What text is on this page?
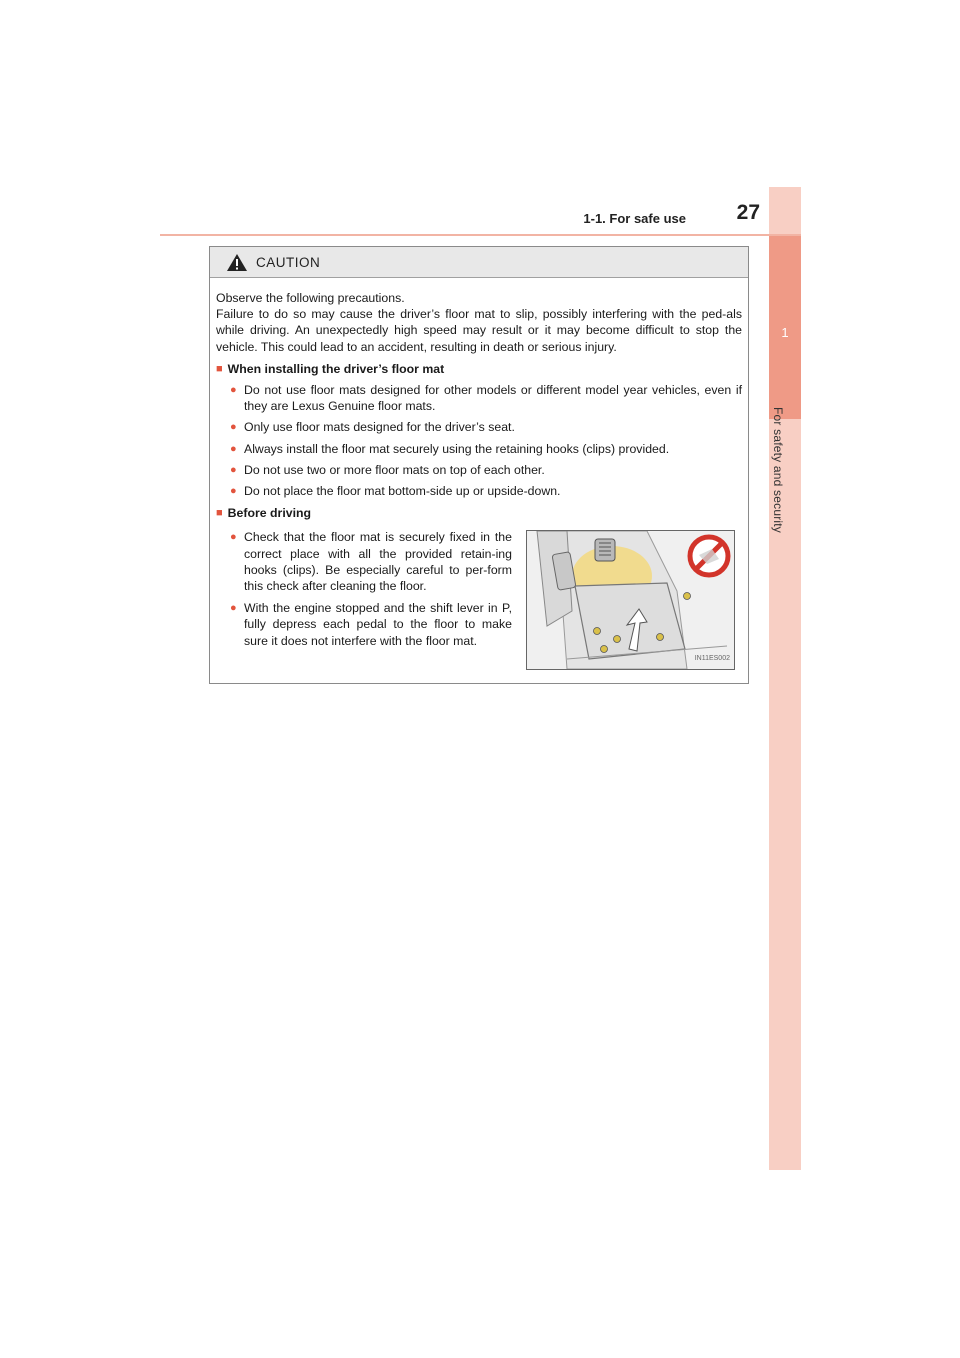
1
For safety and security
1-1. For safe use	27
CAUTION

Observe the following precautions.

Failure to do so may cause the driver’s floor mat to slip, possibly interfering with the ped-als while driving. An unexpectedly high speed may result or it may become difficult to stop the vehicle. This could lead to an accident, resulting in death or serious injury.

■ When installing the driver’s floor mat
● Do not use floor mats designed for other models or different model year vehicles, even if they are Lexus Genuine floor mats.
● Only use floor mats designed for the driver’s seat.
● Always install the floor mat securely using the retaining hooks (clips) provided.
● Do not use two or more floor mats on top of each other.
● Do not place the floor mat bottom-side up or upside-down.
■ Before driving
● Check that the floor mat is securely fixed in the correct place with all the provided retain-ing hooks (clips). Be especially careful to per-form this check after cleaning the floor.
● With the engine stopped and the shift lever in P, fully depress each pedal to the floor to make sure it does not interfere with the floor mat.
IN11ES002
